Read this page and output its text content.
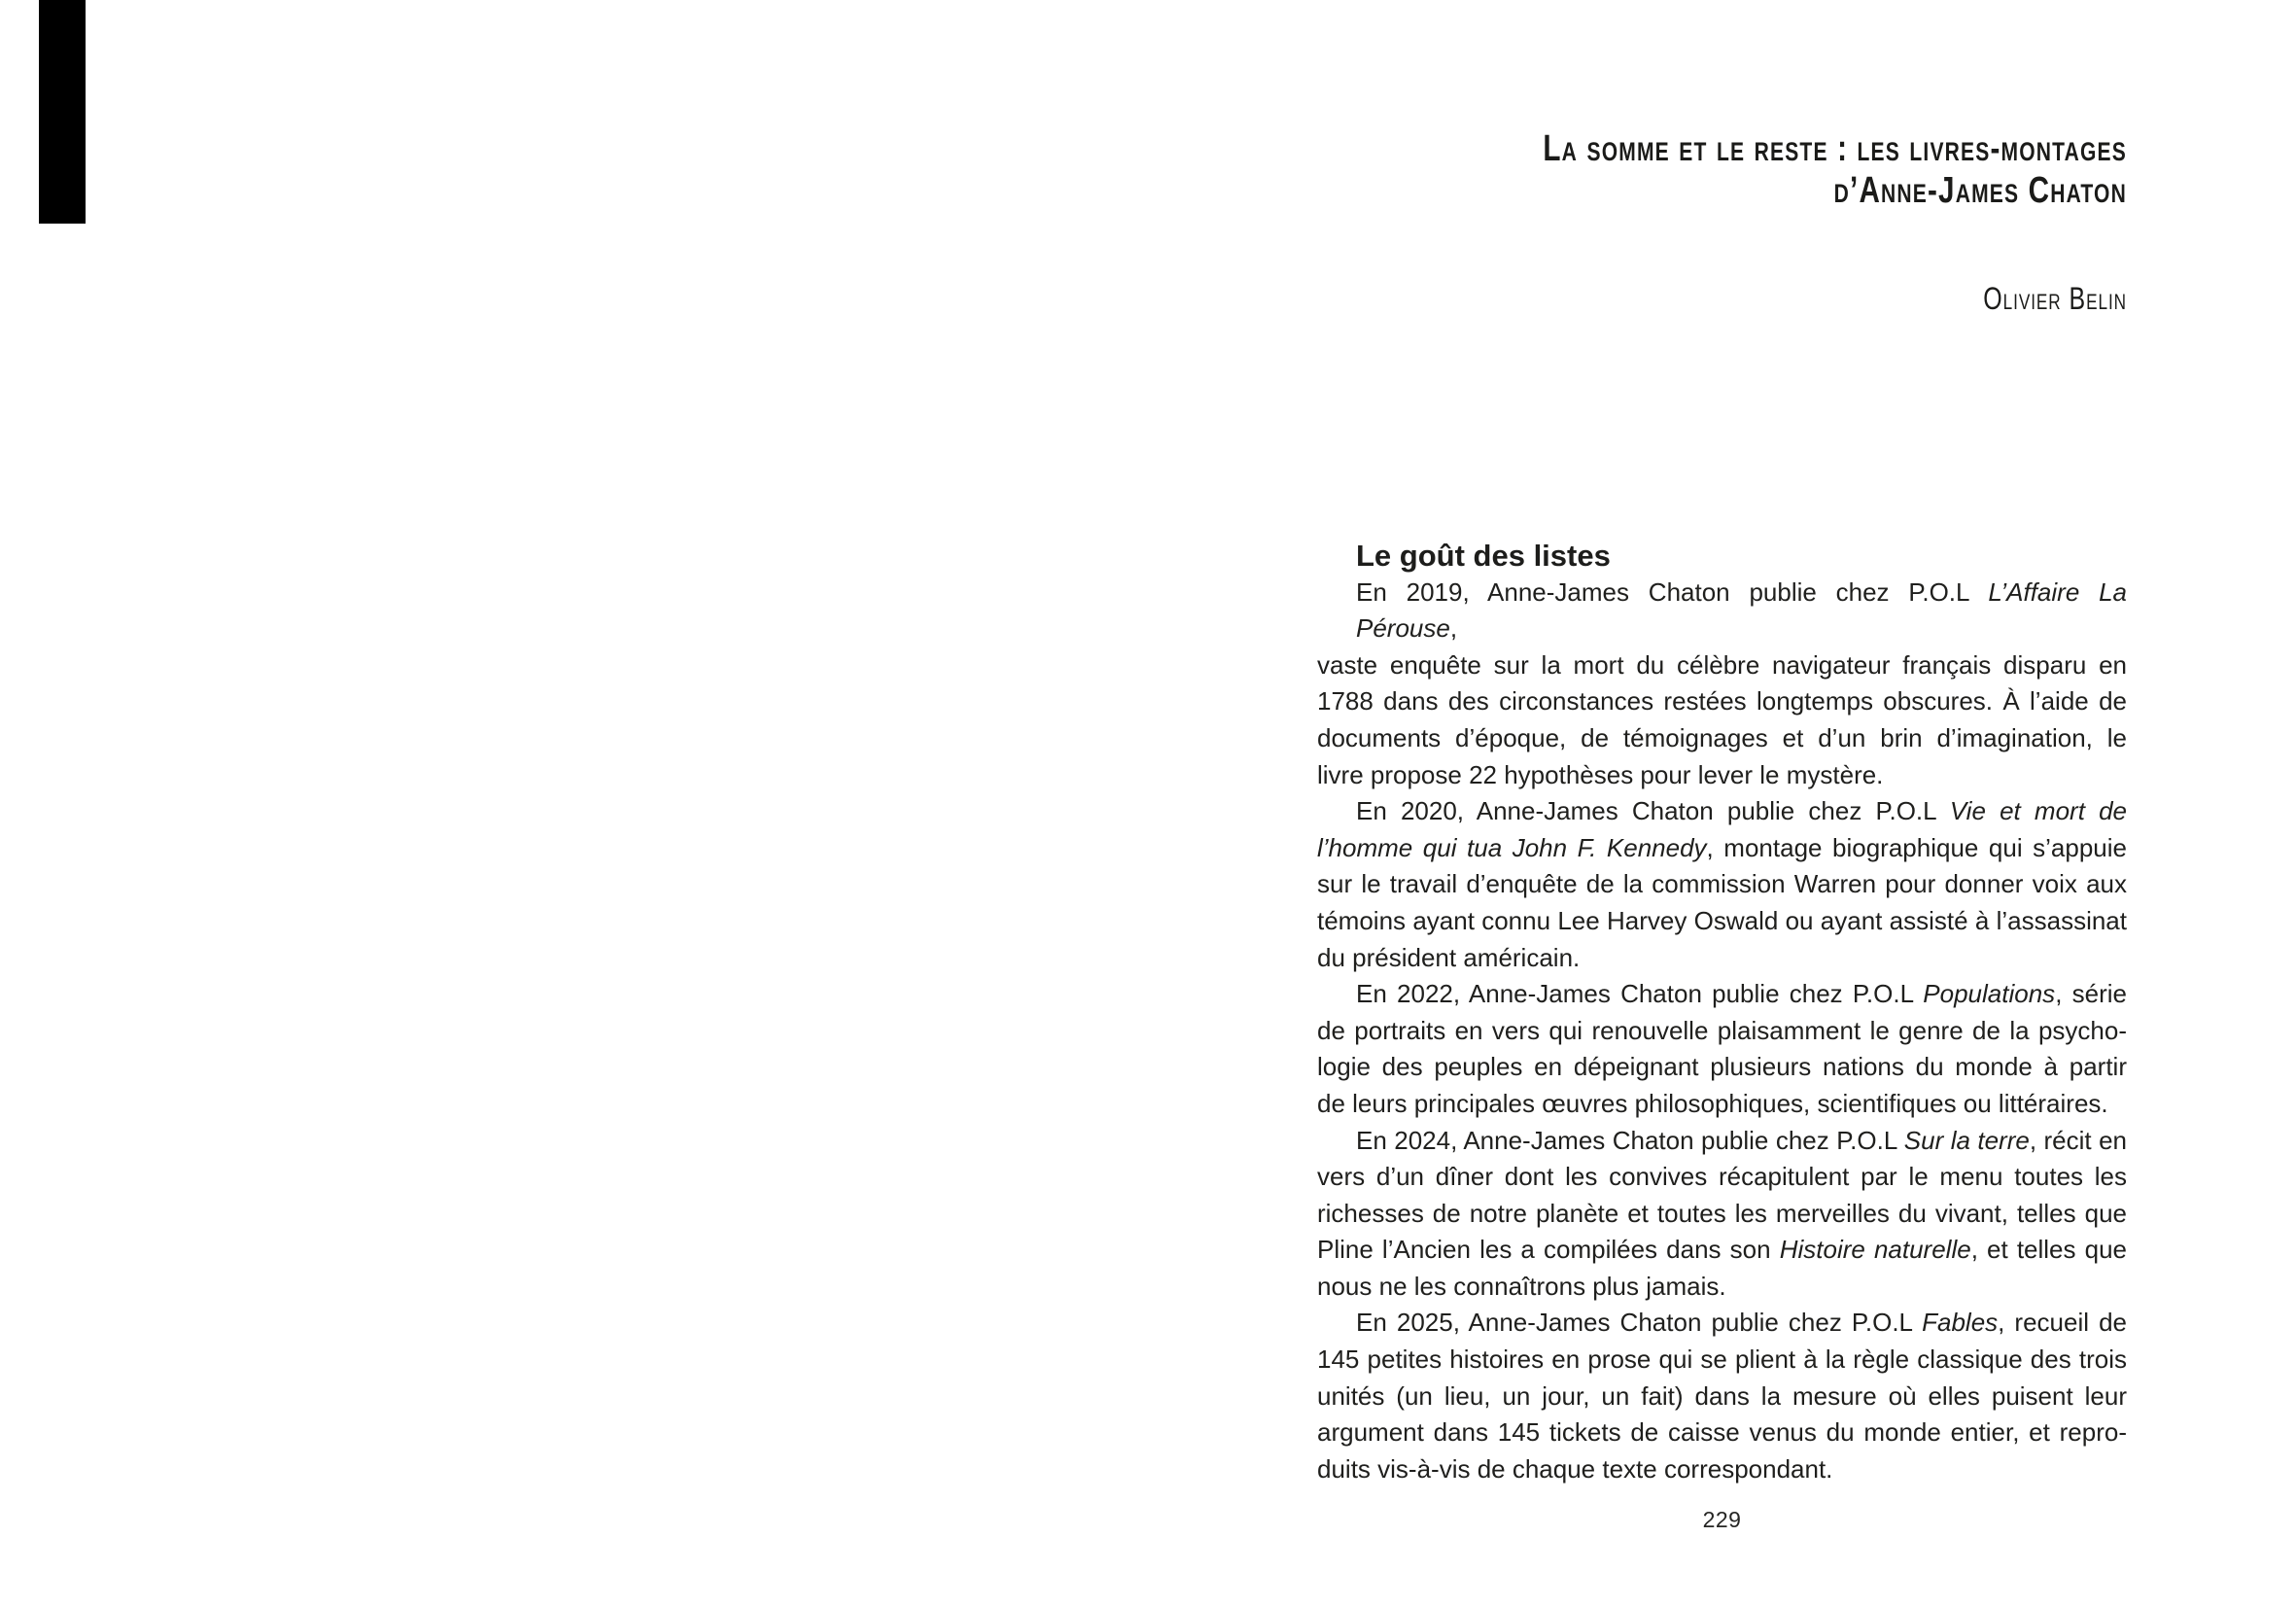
La somme et le reste : les livres-montages
d’Anne-James Chaton
Olivier Belin
Le goût des listes
En 2019, Anne-James Chaton publie chez P.O.L L’Affaire La Pérouse,
vaste enquête sur la mort du célèbre navigateur français disparu en
1788 dans des circonstances restées longtemps obscures. À l’aide de
documents d’époque, de témoignages et d’un brin d’imagination, le
livre propose 22 hypothèses pour lever le mystère.
En 2020, Anne-James Chaton publie chez P.O.L Vie et mort de
l’homme qui tua John F. Kennedy, montage biographique qui s’appuie
sur le travail d’enquête de la commission Warren pour donner voix aux
témoins ayant connu Lee Harvey Oswald ou ayant assisté à l’assassinat
du président américain.
En 2022, Anne-James Chaton publie chez P.O.L Populations, série
de portraits en vers qui renouvelle plaisamment le genre de la psycho-
logie des peuples en dépeignant plusieurs nations du monde à partir
de leurs principales œuvres philosophiques, scientifiques ou littéraires.
En 2024, Anne-James Chaton publie chez P.O.L Sur la terre, récit en
vers d’un dîner dont les convives récapitulent par le menu toutes les
richesses de notre planète et toutes les merveilles du vivant, telles que
Pline l’Ancien les a compilées dans son Histoire naturelle, et telles que
nous ne les connaîtrons plus jamais.
En 2025, Anne-James Chaton publie chez P.O.L Fables, recueil de
145 petites histoires en prose qui se plient à la règle classique des trois
unités (un lieu, un jour, un fait) dans la mesure où elles puisent leur
argument dans 145 tickets de caisse venus du monde entier, et repro-
duits vis-à-vis de chaque texte correspondant.
229
